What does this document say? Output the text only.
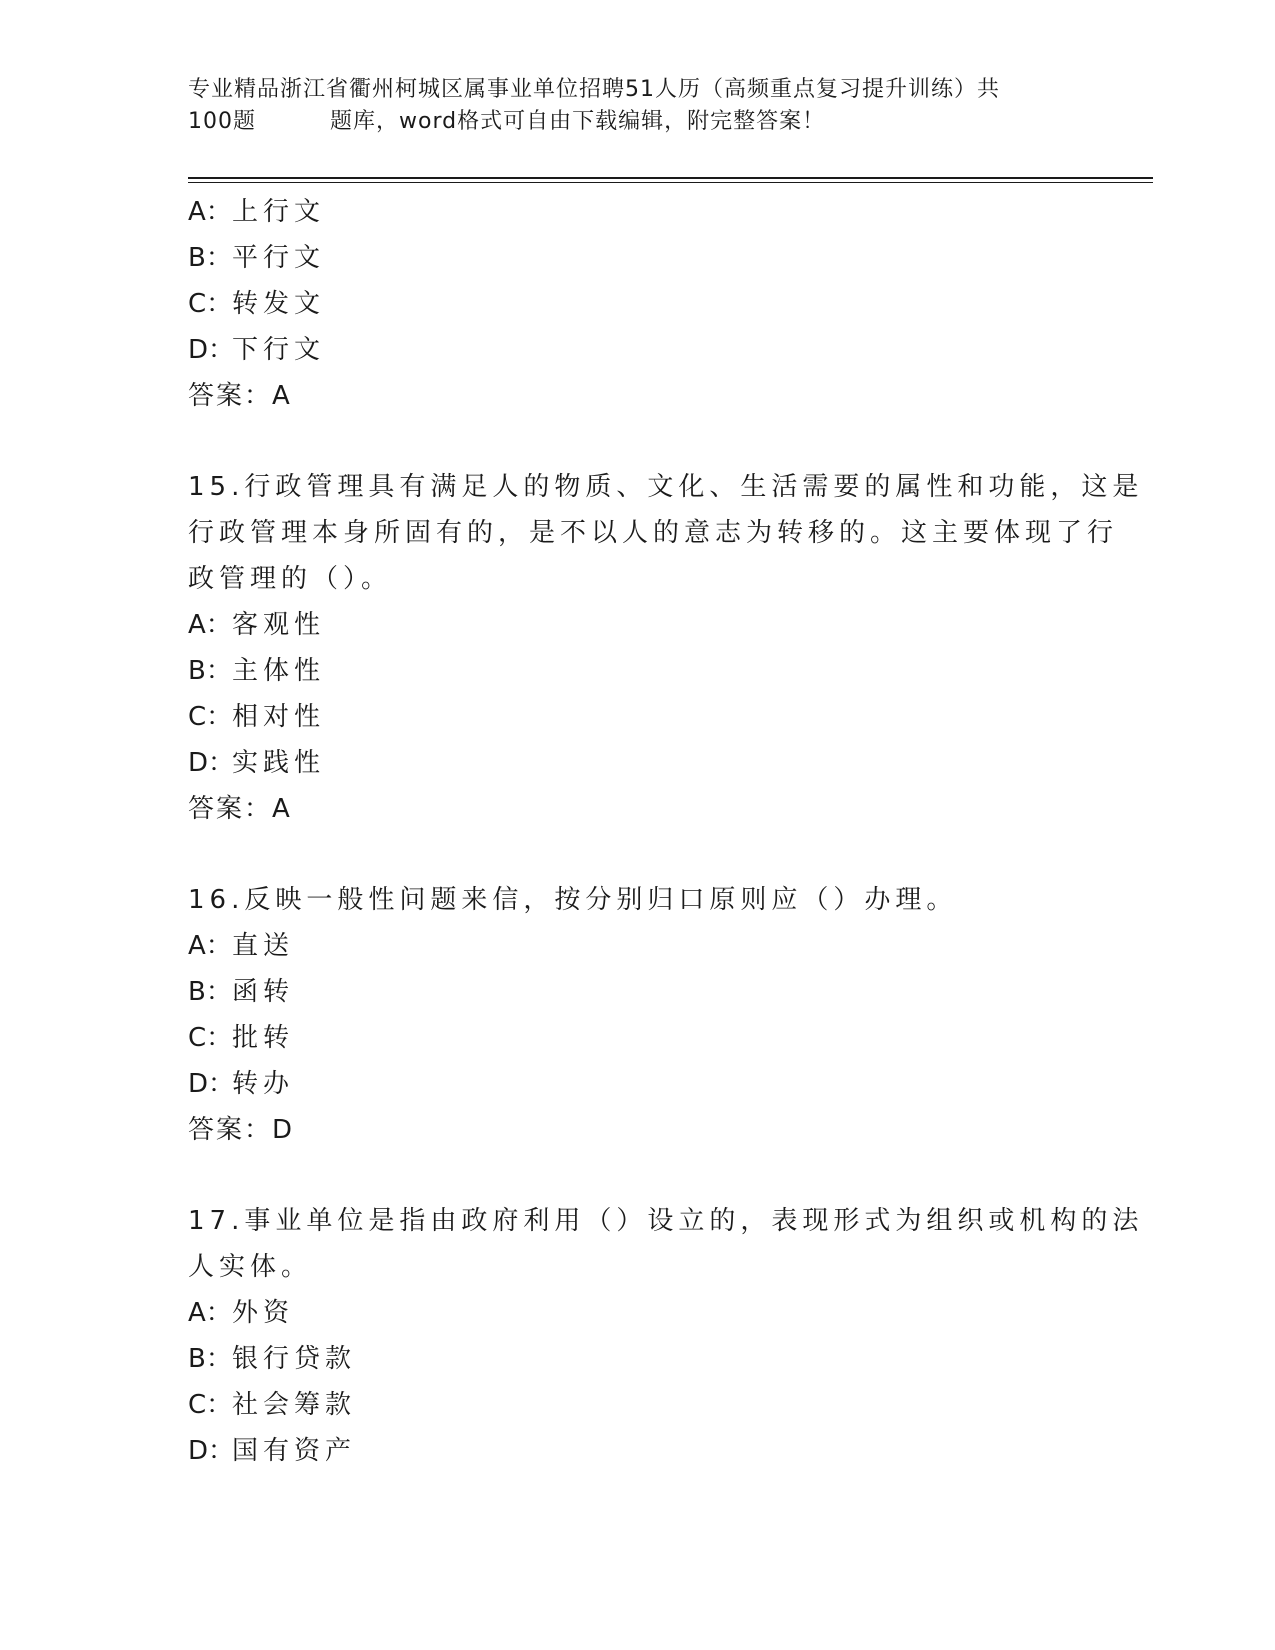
专业精品浙江省衢州柯城区属事业单位招聘51人历（高频重点复习提升训练）共
100题	题库，word格式可自由下载编辑，附完整答案！
A：上行文
B：平行文
C：转发文
D：下行文
答案：A
15.行政管理具有满足人的物质、文化、生活需要的属性和功能，这是
行政管理本身所固有的，是不以人的意志为转移的。这主要体现了行
政管理的（）。
A：客观性
B：主体性
C：相对性
D：实践性
答案：A
16.反映一般性问题来信，按分别归口原则应（）办理。
A：直送
B：函转
C：批转
D：转办
答案：D
17.事业单位是指由政府利用（）设立的，表现形式为组织或机构的法
人实体。
A：外资
B：银行贷款
C：社会筹款
D：国有资产
